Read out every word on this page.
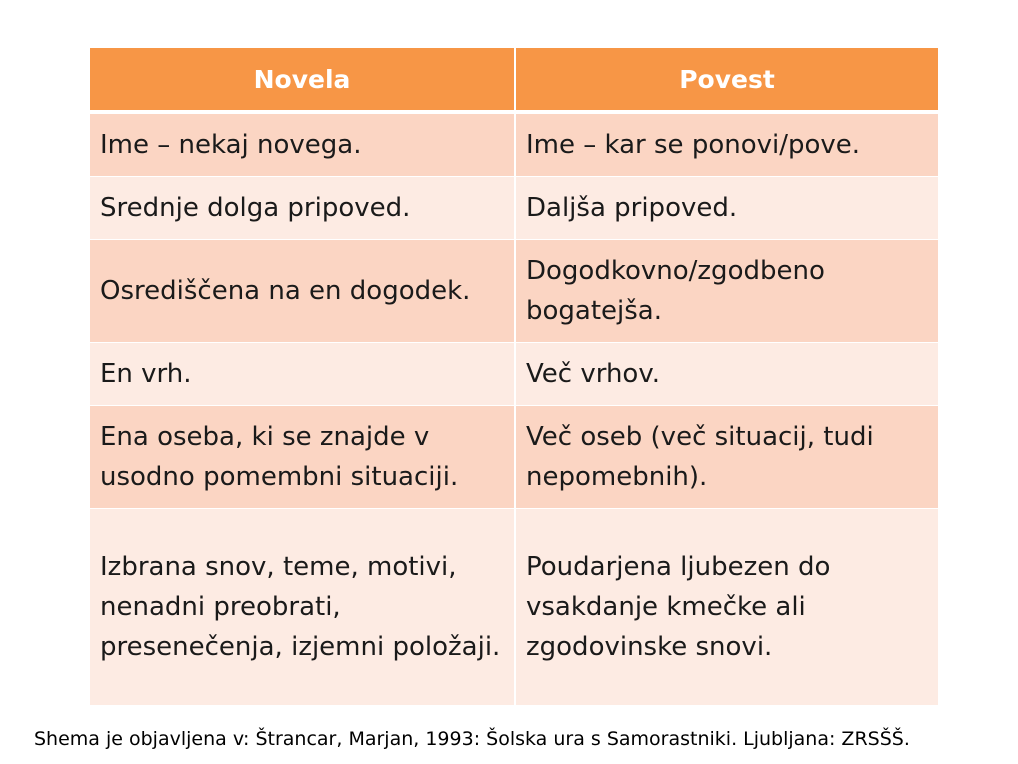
Novela	Povest

Ime – nekaj novega.	Ime – kar se ponovi/pove.

Srednje dolga pripoved.	Daljša pripoved.

Osrediščena na en dogodek.	Dogodkovno/zgodbeno bogatejša.

En vrh.	Več vrhov.

Ena oseba, ki se znajde v usodno pomembni situaciji.	Več oseb (več situacij, tudi nepomebnih).

Izbrana snov, teme, motivi, nenadni preobrati, presenečenja, izjemni položaji.	Poudarjena ljubezen do vsakdanje kmečke ali zgodovinske snovi.
Shema je objavljena v: Štrancar, Marjan, 1993: Šolska ura s Samorastniki. Ljubljana: ZRSŠŠ.
